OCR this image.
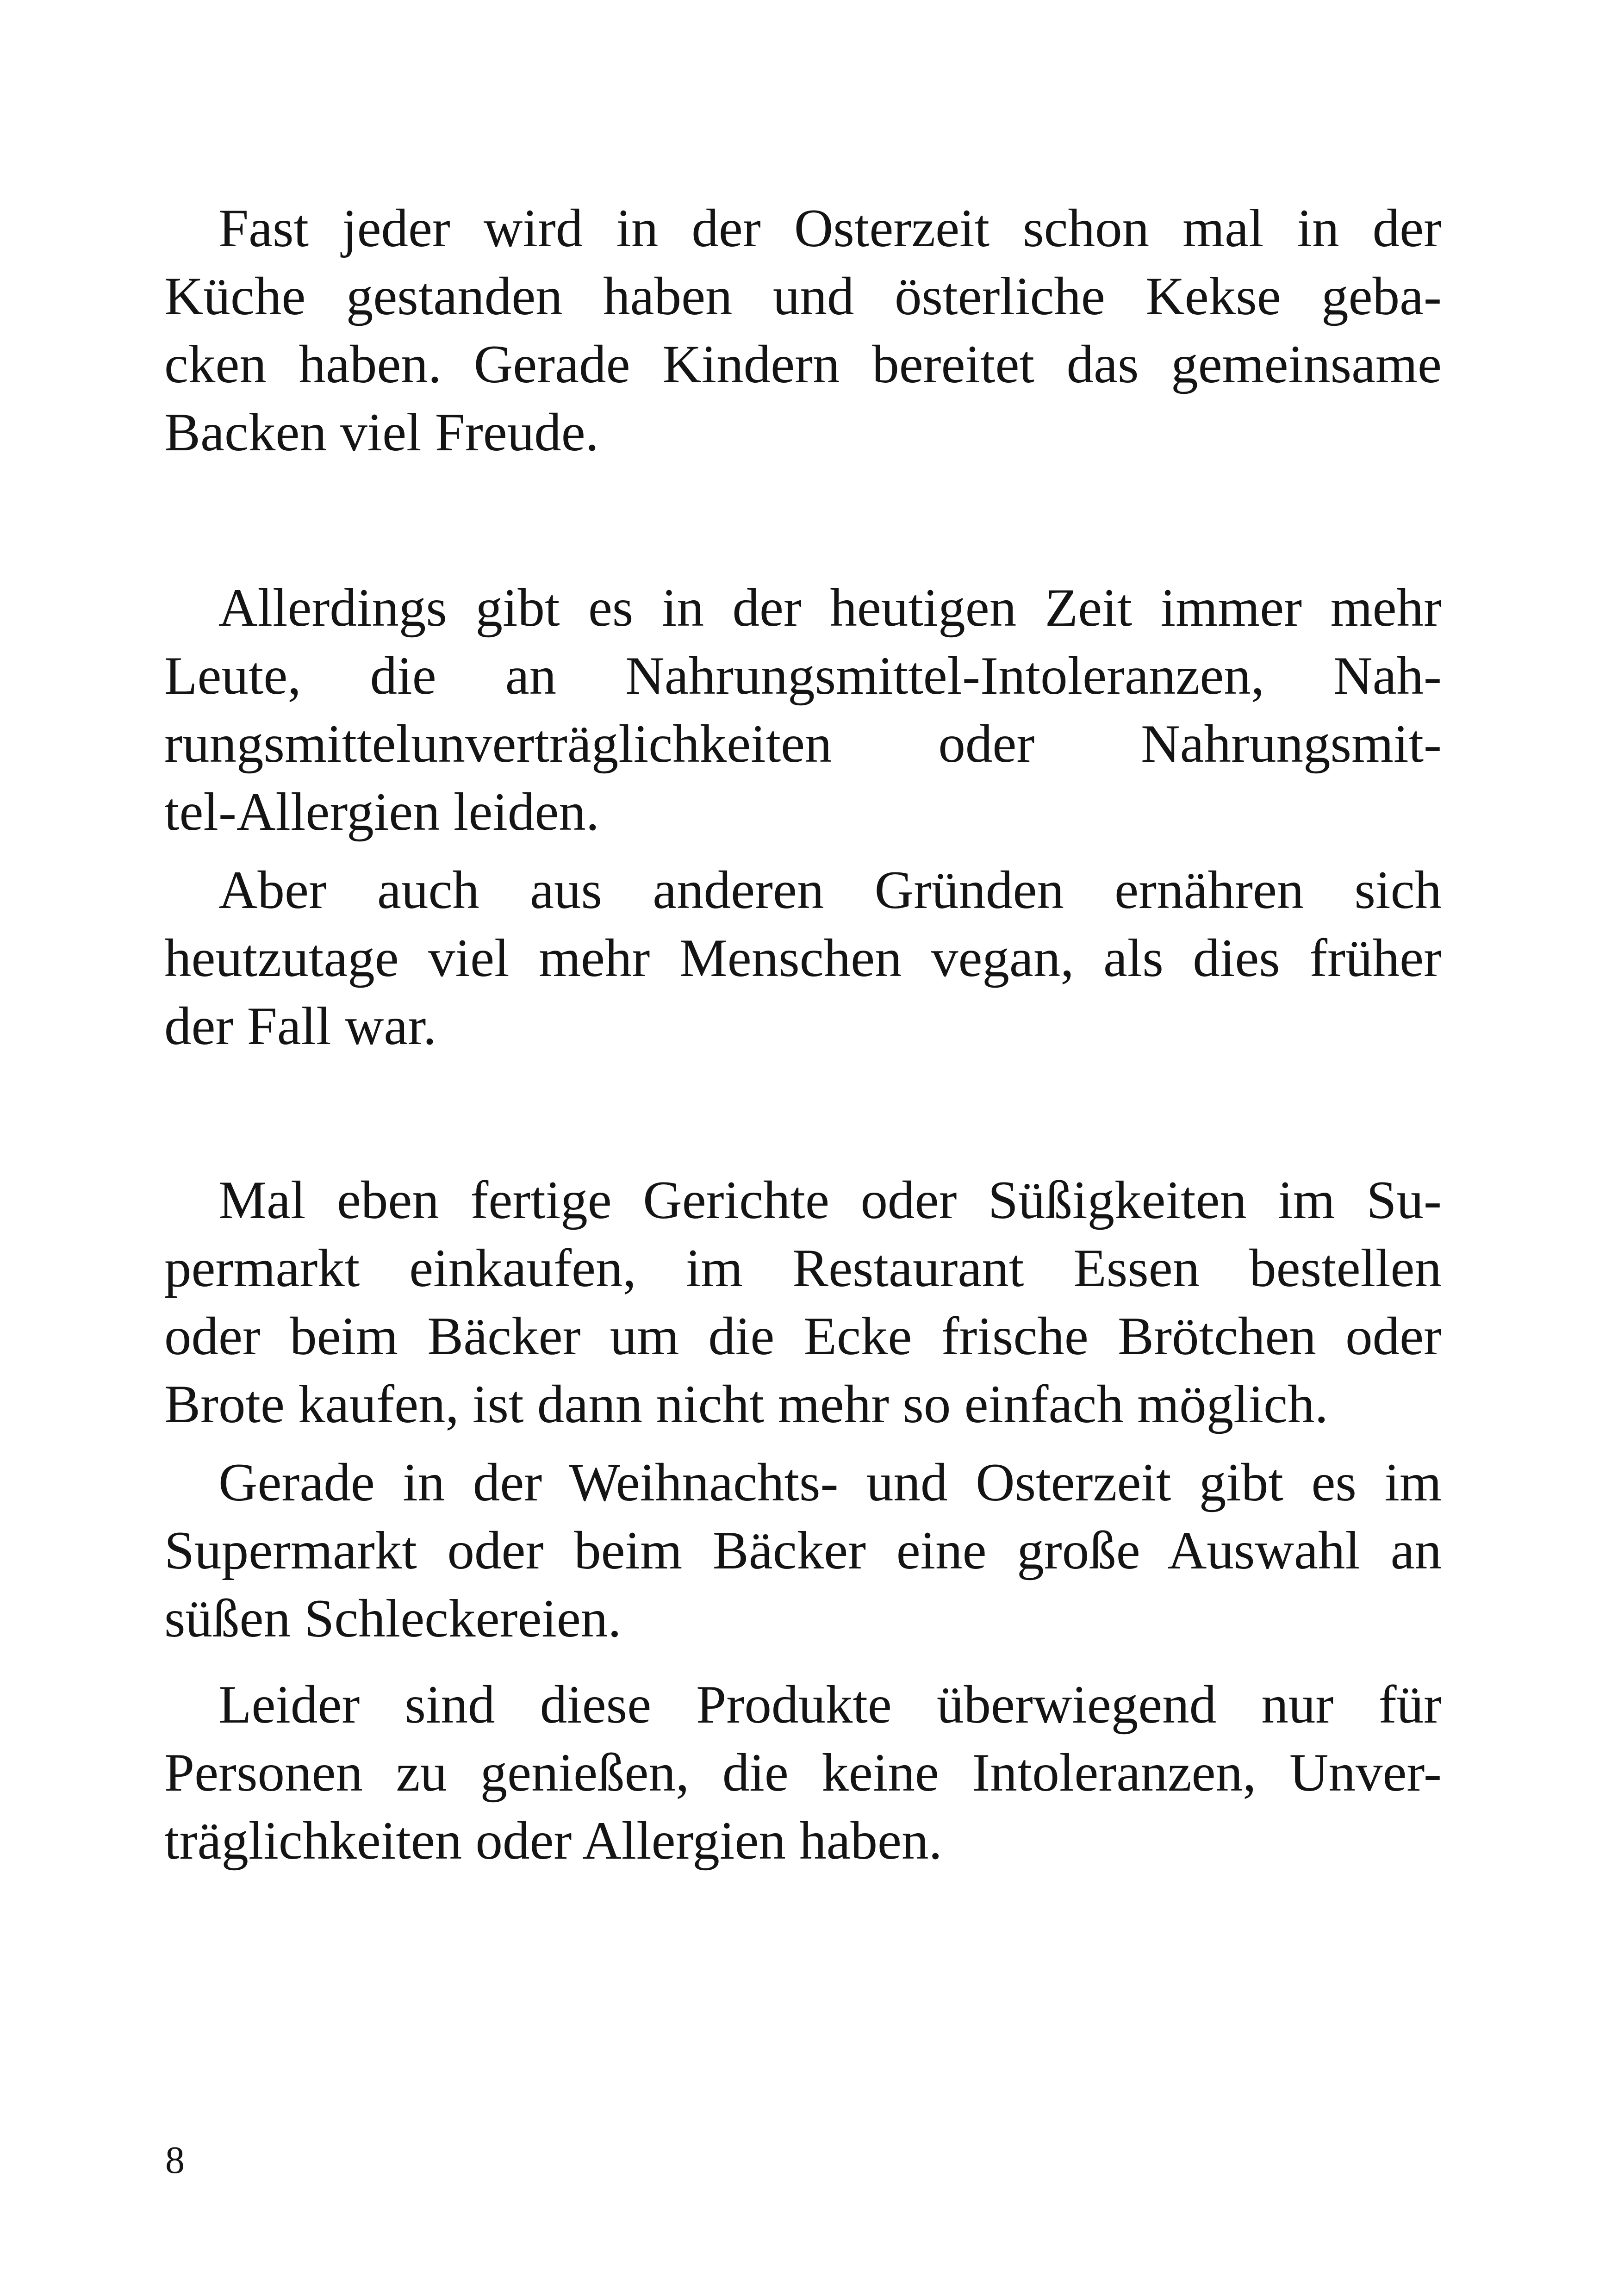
Fast jeder wird in der Osterzeit schon mal in der
Küche gestanden haben und österliche Kekse geba-
cken haben. Gerade Kindern bereitet das gemeinsame
Backen viel Freude.
Allerdings gibt es in der heutigen Zeit immer mehr
Leute, die an Nahrungsmittel-Intoleranzen, Nah-
rungsmittelunverträglichkeiten oder Nahrungsmit-
tel-Allergien leiden.
Aber auch aus anderen Gründen ernähren sich
heutzutage viel mehr Menschen vegan, als dies früher
der Fall war.
Mal eben fertige Gerichte oder Süßigkeiten im Su-
permarkt einkaufen, im Restaurant Essen bestellen
oder beim Bäcker um die Ecke frische Brötchen oder
Brote kaufen, ist dann nicht mehr so einfach möglich.
Gerade in der Weihnachts- und Osterzeit gibt es im
Supermarkt oder beim Bäcker eine große Auswahl an
süßen Schleckereien.
Leider sind diese Produkte überwiegend nur für
Personen zu genießen, die keine Intoleranzen, Unver-
träglichkeiten oder Allergien haben.
8
